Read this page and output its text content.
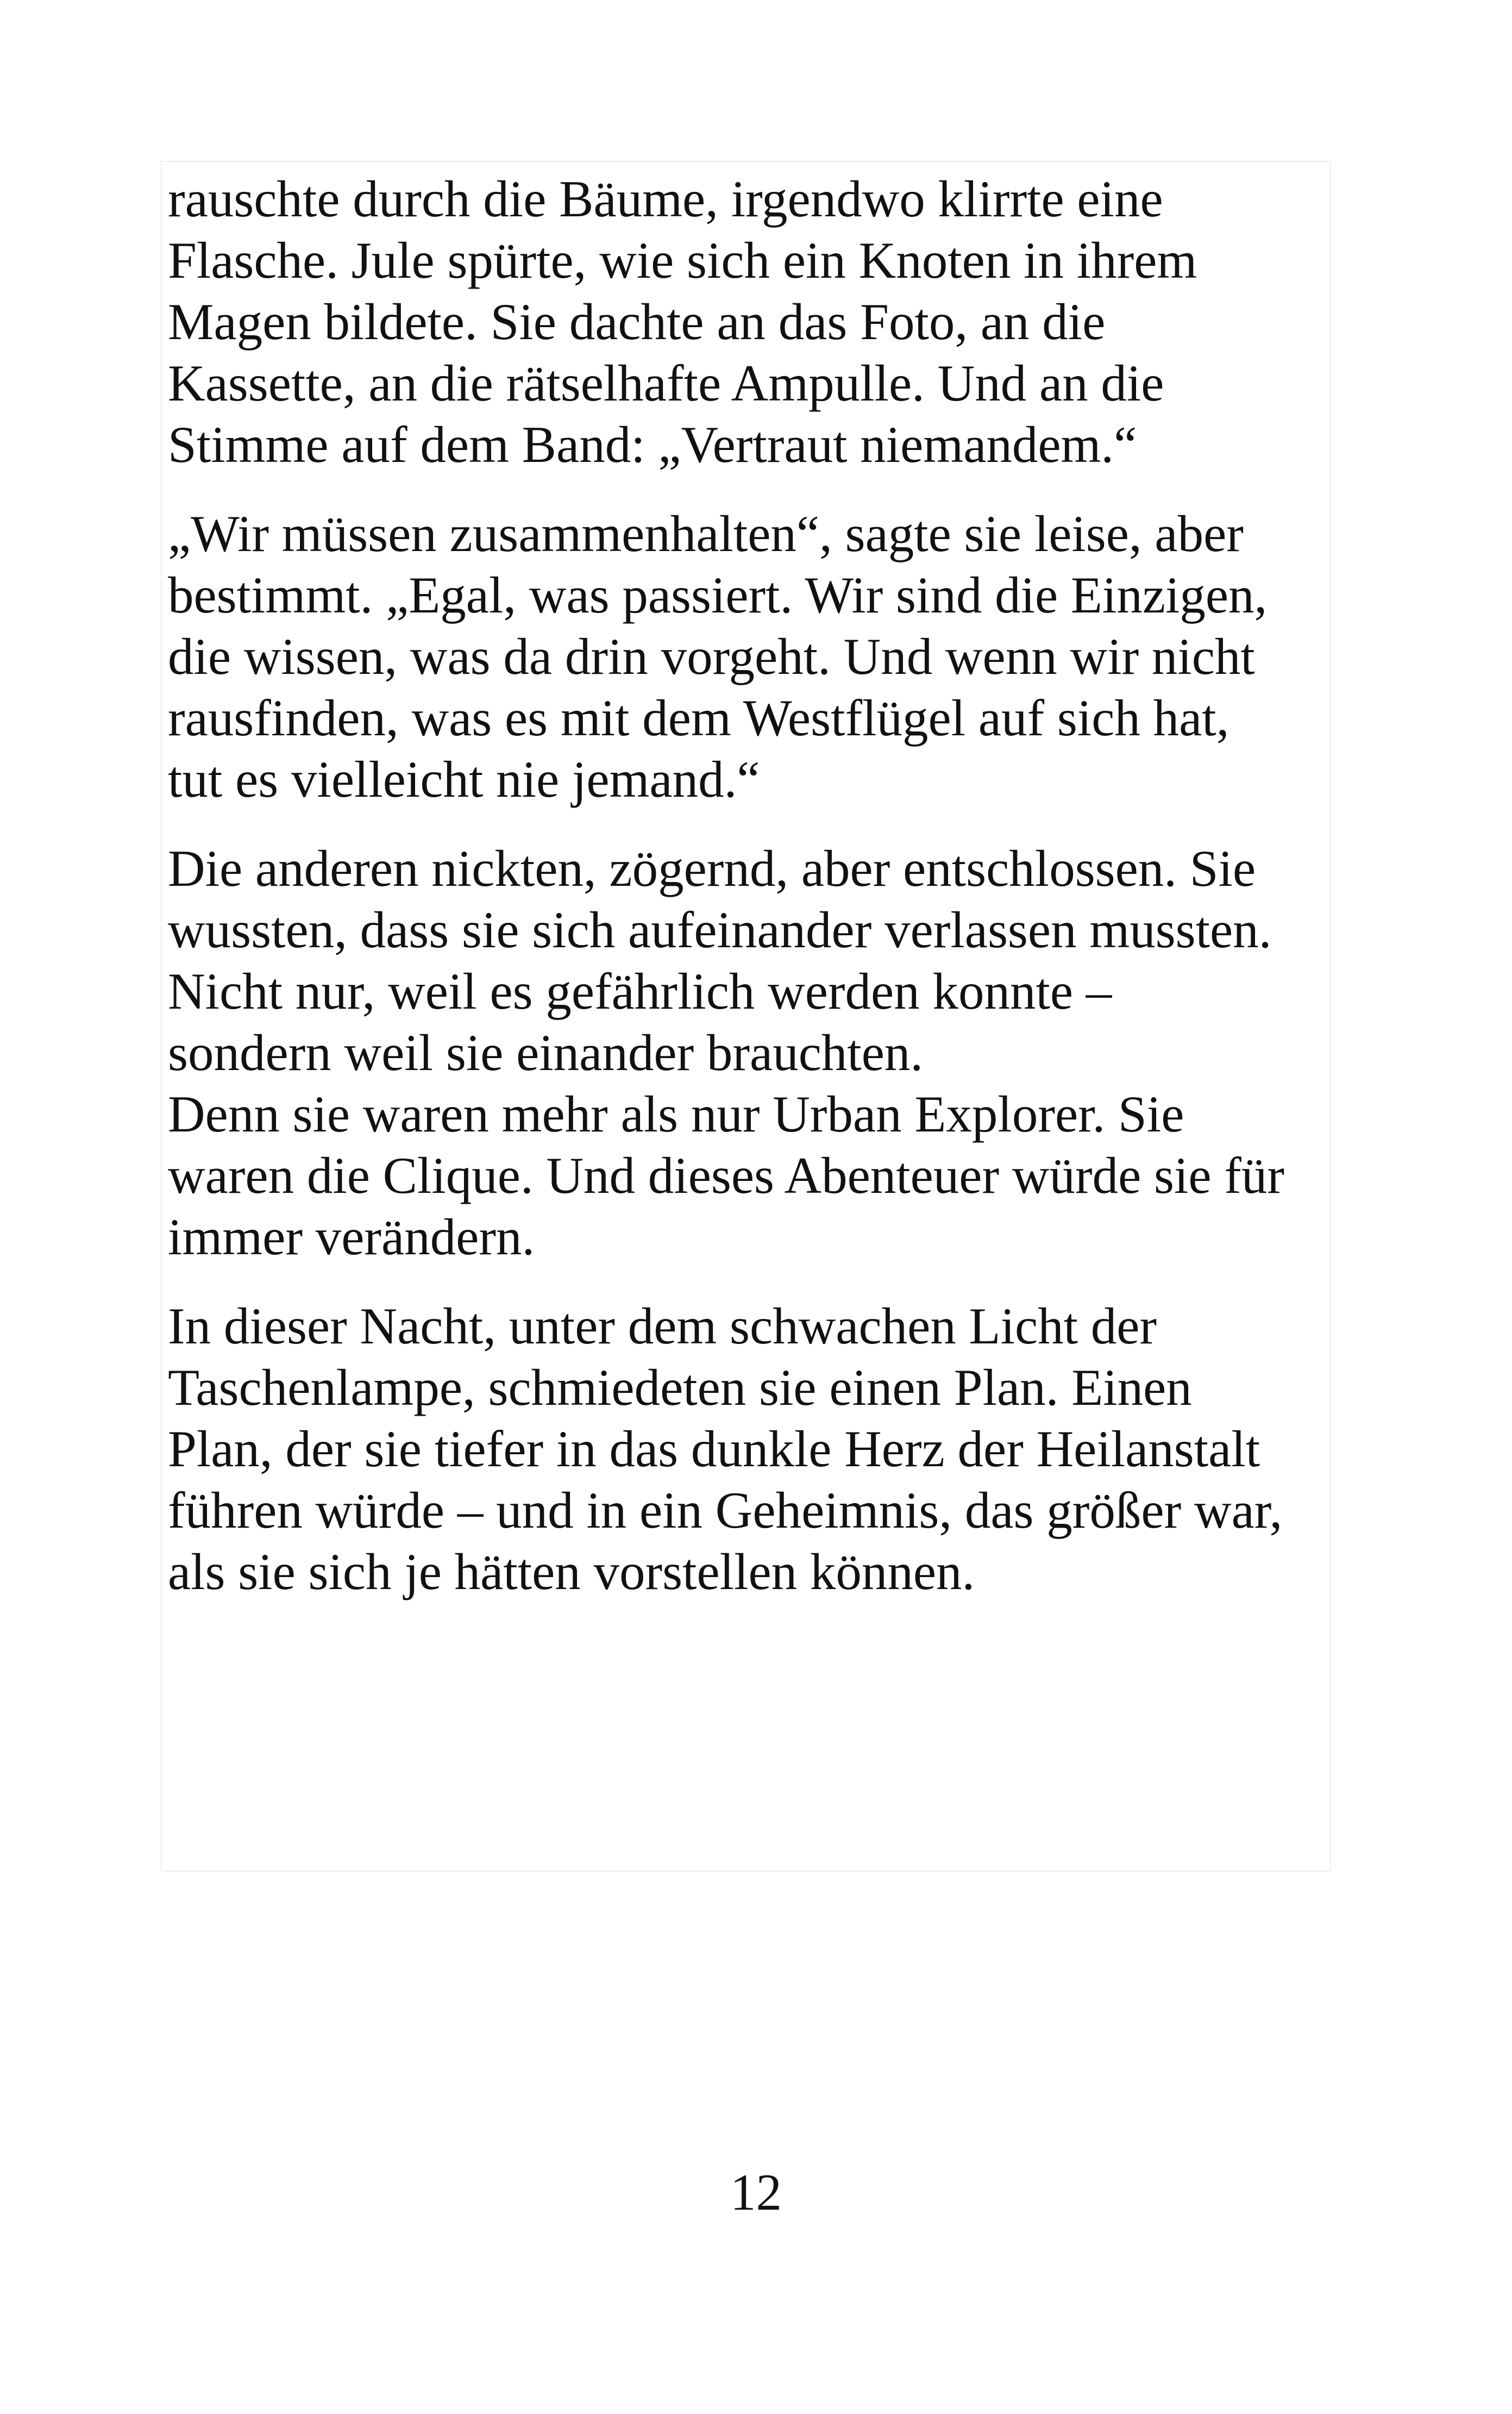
rauschte durch die Bäume, irgendwo klirrte eine
Flasche. Jule spürte, wie sich ein Knoten in ihrem
Magen bildete. Sie dachte an das Foto, an die
Kassette, an die rätselhafte Ampulle. Und an die
Stimme auf dem Band: „Vertraut niemandem.“

„Wir müssen zusammenhalten“, sagte sie leise, aber
bestimmt. „Egal, was passiert. Wir sind die Einzigen,
die wissen, was da drin vorgeht. Und wenn wir nicht
rausfinden, was es mit dem Westflügel auf sich hat,
tut es vielleicht nie jemand.“

Die anderen nickten, zögernd, aber entschlossen. Sie
wussten, dass sie sich aufeinander verlassen mussten.
Nicht nur, weil es gefährlich werden konnte –
sondern weil sie einander brauchten.
Denn sie waren mehr als nur Urban Explorer. Sie
waren die Clique. Und dieses Abenteuer würde sie für
immer verändern.

In dieser Nacht, unter dem schwachen Licht der
Taschenlampe, schmiedeten sie einen Plan. Einen
Plan, der sie tiefer in das dunkle Herz der Heilanstalt
führen würde – und in ein Geheimnis, das größer war,
als sie sich je hätten vorstellen können.

12
